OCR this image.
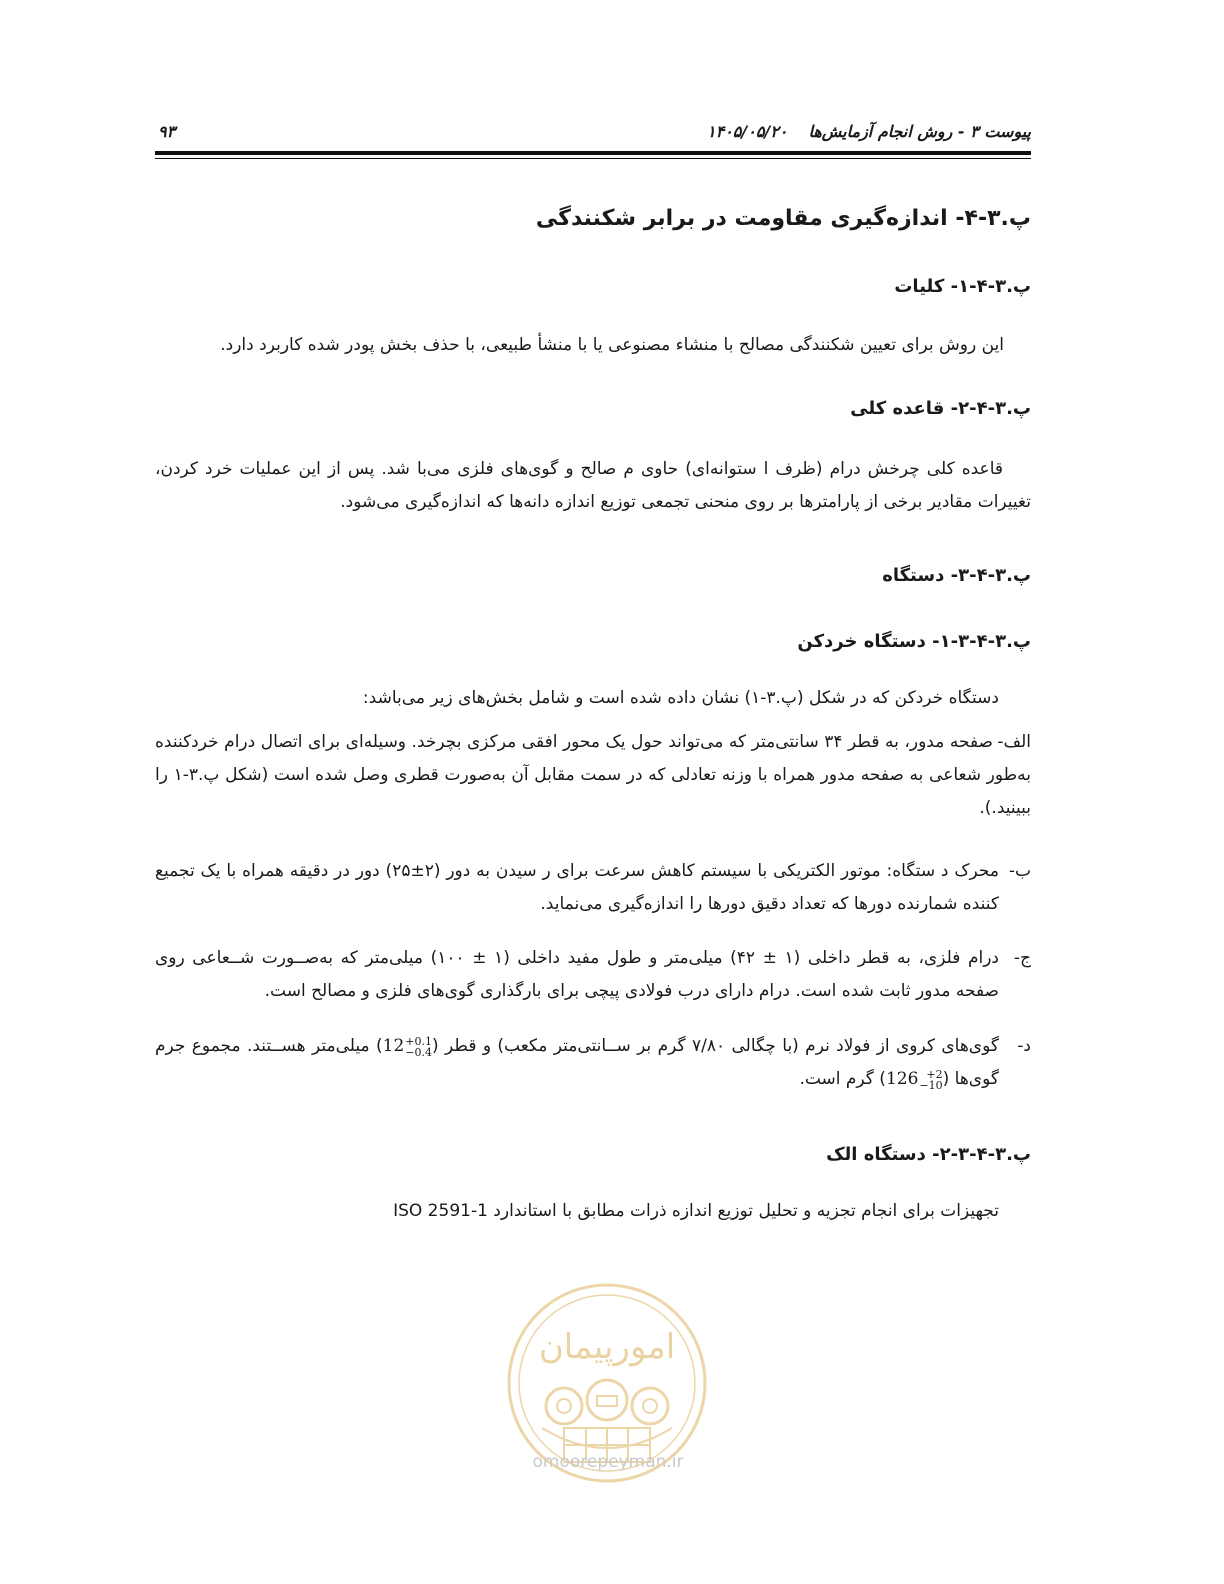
پیوست ۳ - روش انجام آزمایش‌ها
۱۴۰۵/۰۵/۲۰
۹۳
پ.۳-۴- اندازه‌گیری مقاومت در برابر شکنندگی
پ.۳-۴-۱- کلیات
این روش برای تعیین شکنندگی مصالح با منشاء مصنوعی یا با منشأ طبیعی، با حذف بخش پودر شده کاربرد دارد.
پ.۳-۴-۲- قاعده کلی
قاعده کلی چرخش درام (ظرف ا ستوانه‌ای) حاوی م صالح و گوی‌های فلزی می‌با شد. پس از این عملیات خرد کردن، تغییرات مقادیر برخی از پارامترها بر روی منحنی تجمعی توزیع اندازه دانه‌ها که اندازه‌گیری می‌شود.
پ.۳-۴-۳- دستگاه
پ.۳-۴-۳-۱- دستگاه خردکن
دستگاه خردکن که در شکل (پ.۳-۱) نشان داده شده است و شامل بخش‌های زیر می‌باشد:
الف-
صفحه مدور، به قطر ۳۴ سانتی‌متر که می‌تواند حول یک محور افقی مرکزی بچرخد. وسیله‌ای برای اتصال درام خردکننده به‌طور شعاعی به صفحه مدور همراه با وزنه تعادلی که در سمت مقابل آن به‌صورت قطری وصل شده است (شکل پ.۳-۱ را ببینید.).
ب-
محرک د ستگاه: موتور الکتریکی با سیستم کاهش سرعت برای ر سیدن به دور (۲±۲۵) دور در دقیقه همراه با یک تجمیع کننده شمارنده دورها که تعداد دقیق دورها را اندازه‌گیری می‌نماید.
ج-
درام فلزی، به قطر داخلی (۱ ± ۴۲) میلی‌متر و طول مفید داخلی (۱ ± ۱۰۰) میلی‌متر که به‌صــورت شــعاعی روی صفحه مدور ثابت شده است. درام دارای درب فولادی پیچی برای بارگذاری گوی‌های فلزی و مصالح است.
د-
گوی‌های کروی از فولاد نرم (با چگالی ۷/۸۰ گرم بر ســانتی‌متر مکعب) و قطر (12 +0.1
−0.4
) میلی‌متر هســتند. مجموع جرم گوی‌ها (126 +2
−10
) گرم است.
پ.۳-۴-۳-۲- دستگاه الک
تجهیزات برای انجام تجزیه و تحلیل توزیع اندازه ذرات مطابق با استاندارد ISO 2591-1
امورپیمان
omoorepeyman.ir
